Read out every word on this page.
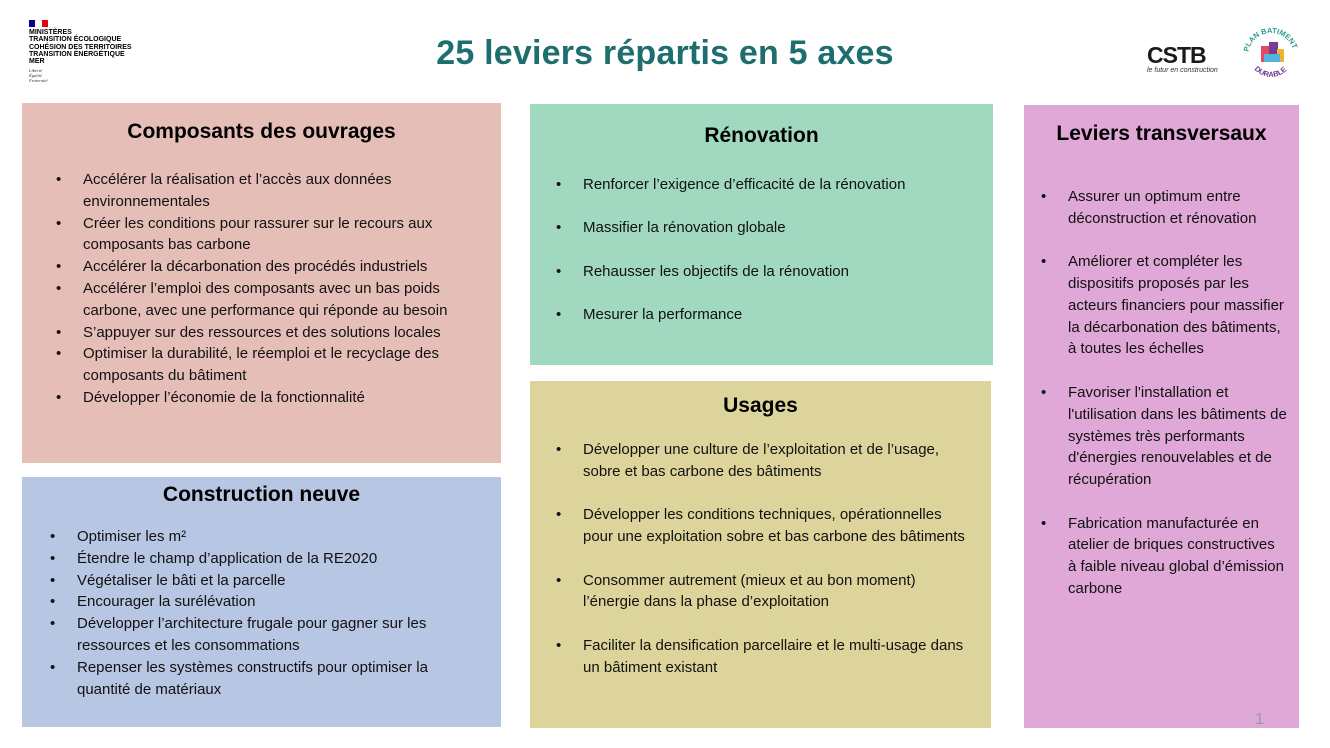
MINISTÈRES
TRANSITION ÉCOLOGIQUE
COHÉSION DES TERRITOIRES
TRANSITION ÉNERGÉTIQUE
MER
Liberté
Égalité
Fraternité
25 leviers répartis en 5 axes	CSTB
le futur en construction
PLAN BATIMENT
DURABLE
Composants des ouvrages
• Accélérer la réalisation et l’accès aux données environnementales
• Créer les conditions pour rassurer sur le recours aux composants bas carbone
• Accélérer la décarbonation des procédés industriels
• Accélérer l’emploi des composants avec un bas poids carbone, avec une performance qui réponde au besoin
• S’appuyer sur des ressources et des solutions locales
• Optimiser la durabilité, le réemploi et le recyclage des composants du bâtiment
• Développer l’économie de la fonctionnalité
Construction neuve
• Optimiser les m²
• Étendre le champ d’application de la RE2020
• Végétaliser le bâti et la parcelle
• Encourager la surélévation
• Développer l’architecture frugale pour gagner sur les ressources et les consommations
• Repenser les systèmes constructifs pour optimiser la quantité de matériaux
Rénovation
• Renforcer l’exigence d’efficacité de la rénovation
• Massifier la rénovation globale
• Rehausser les objectifs de la rénovation
• Mesurer la performance
Usages
• Développer une culture de l’exploitation et de l’usage, sobre et bas carbone des bâtiments
• Développer les conditions techniques, opérationnelles pour une exploitation sobre et bas carbone des bâtiments
• Consommer autrement (mieux et au bon moment) l’énergie dans la phase d’exploitation
• Faciliter la densification parcellaire et le multi-usage dans un bâtiment existant
Leviers transversaux
• Assurer un optimum entre déconstruction et rénovation
• Améliorer et compléter les dispositifs proposés par les acteurs financiers pour massifier la décarbonation des bâtiments, à toutes les échelles
• Favoriser l'installation et l'utilisation dans les bâtiments de systèmes très performants d'énergies renouvelables et de récupération
• Fabrication manufacturée en atelier de briques constructives à faible niveau global d’émission carbone
1
